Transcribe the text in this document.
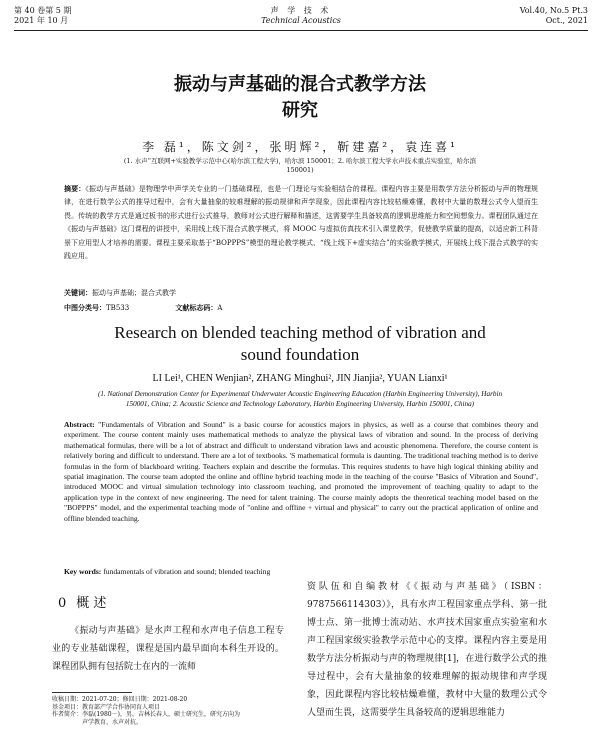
第 40 卷第 5 期
2021 年 10 月
声 学 技 术
Technical Acoustics
Vol.40, No.5 Pt.3
Oct., 2021
振动与声基础的混合式教学方法
研究
李 磊¹，陈文剑²，张明辉²，靳建嘉²，袁连喜¹
(1. 水声“互联网+实验教学示范中心(哈尔滨工程大学)，哈尔滨 150001；2. 哈尔滨工程大学水声技术重点实验室，哈尔滨
150001)
摘要：《振动与声基础》是物理学中声学关专业的一门基础课程，也是一门理论与实验相结合的课程。课程内容主要是用数学方法分析振动与声的物理规律，在进行数学公式的推导过程中，会有大量抽象的较难理解的振动规律和声学现象，因此课程内容比较枯燥难懂，教材中大量的数理公式令人望而生畏。传统的教学方式是通过板书的形式进行公式推导，教师对公式进行解释和描述，这需要学生具备较高的逻辑思维能力和空间想象力。课程团队通过在《振动与声基础》这门课程的讲授中，采用线上线下混合式教学模式，将 MOOC 与虚拟仿真技术引入课堂教学，促使教学质量的提高，以适应新工科背景下应用型人才培养的需要。课程主要采取基于“BOPPPS”模型的理论教学模式、“线上线下+虚实结合”的实验教学模式，开展线上线下混合式教学的实践应用。
关键词：振动与声基础；混合式教学
中图分类号：TB533	文献标志码：A
Research on blended teaching method of vibration and
sound foundation
LI Lei¹, CHEN Wenjian², ZHANG Minghui², JIN Jianjia², YUAN Lianxi¹
(1. National Demonstration Center for Experimental Underwater Acoustic Engineering Education (Harbin Engineering University), Harbin
150001, China; 2. Acoustic Science and Technology Laboratory, Harbin Engineering University, Harbin 150001, China)
Abstract: "Fundamentals of Vibration and Sound" is a basic course for acoustics majors in physics, as well as a course that combines theory and experiment. The course content mainly uses mathematical methods to analyze the physical laws of vibration and sound. In the process of deriving mathematical formulas, there will be a lot of abstract and difficult to understand vibration laws and acoustic phenomena. Therefore, the course content is relatively boring and difficult to understand. There are a lot of textbooks. 'S mathematical formula is daunting. The traditional teaching method is to derive formulas in the form of blackboard writing. Teachers explain and describe the formulas. This requires students to have high logical thinking ability and spatial imagination. The course team adopted the online and offline hybrid teaching mode in the teaching of the course "Basics of Vibration and Sound", introduced MOOC and virtual simulation technology into classroom teaching, and promoted the improvement of teaching quality to adapt to the application type in the context of new engineering. The need for talent training. The course mainly adopts the theoretical teaching model based on the "BOPPPS" model, and the experimental teaching mode of "online and offline + virtual and physical" to carry out the practical application of online and offline blended teaching.
Key words: fundamentals of vibration and sound; blended teaching
0 概 述

《振动与声基础》是水声工程和水声电子信息工程专业的专业基础课程，课程是国内最早面向本科生开设的。课程团队拥有包括院士在内的一流师

收稿日期：2021-07-20；修回日期：2021-08-20
基金项目：教育部产学合作协同育人项目
作者简介：李磊(1980－)，男，吉林长春人，硕士研究生，研究方向为
　　　　　声学教育、水声对抗。

资队伍和自编教材《《振动与声基础》（ISBN：9787566114303）》，具有水声工程国家重点学科、第一批博士点、第一批博士流动站、水声技术国家重点实验室和水声工程国家级实验教学示范中心的支撑。课程内容主要是用数学方法分析振动与声的物理规律[1]，在进行数学公式的推导过程中，会有大量抽象的较难理解的振动规律和声学现象，因此课程内容比较枯燥难懂，教材中大量的数理公式令人望而生畏，这需要学生具备较高的逻辑思维能力
